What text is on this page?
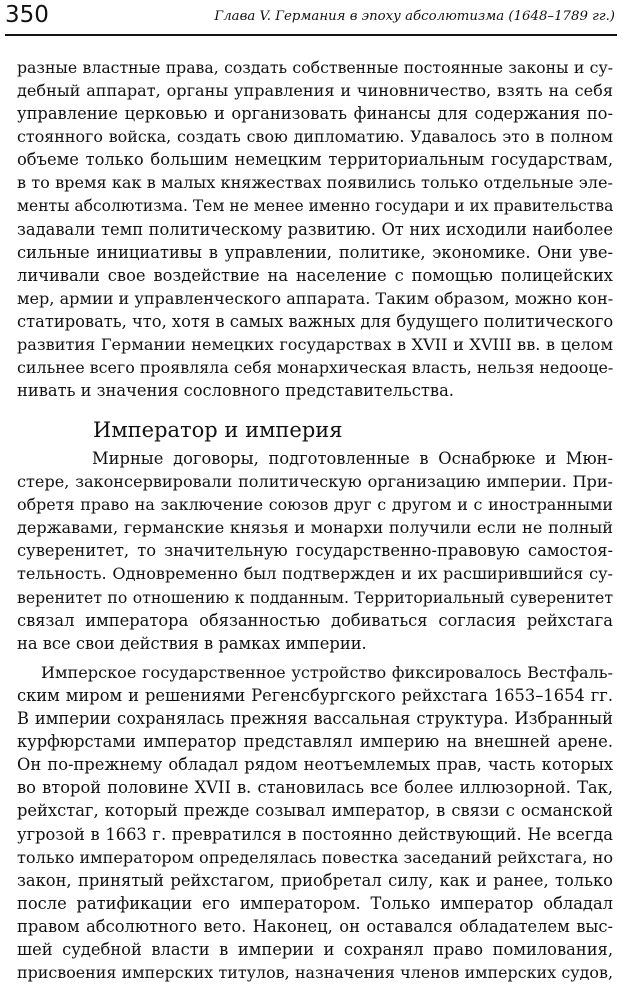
350	Глава V. Германия в эпоху абсолютизма (1648–1789 гг.)
разные властные права, создать собственные постоянные законы и су-
дебный аппарат, органы управления и чиновничество, взять на себя
управление церковью и организовать финансы для содержания по-
стоянного войска, создать свою дипломатию. Удавалось это в полном
объеме только большим немецким территориальным государствам,
в то время как в малых княжествах появились только отдельные эле-
менты абсолютизма. Тем не менее именно государи и их правительства
задавали темп политическому развитию. От них исходили наиболее
сильные инициативы в управлении, политике, экономике. Они уве-
личивали свое воздействие на население с помощью полицейских
мер, армии и управленческого аппарата. Таким образом, можно кон-
статировать, что, хотя в самых важных для будущего политического
развития Германии немецких государствах в XVII и XVIII вв. в целом
сильнее всего проявляла себя монархическая власть, нельзя недооце-
нивать и значения сословного представительства.
Император и империя
Мирные договоры, подготовленные в Оснабрюке и Мюн-
стере, законсервировали политическую организацию империи. При-
обретя право на заключение союзов друг с другом и с иностранными
державами, германские князья и монархи получили если не полный
суверенитет, то значительную государственно-правовую самостоя-
тельность. Одновременно был подтвержден и их расширившийся су-
веренитет по отношению к подданным. Территориальный суверенитет
связал императора обязанностью добиваться согласия рейхстага
на все свои действия в рамках империи.
Имперское государственное устройство фиксировалось Вестфаль-
ским миром и решениями Регенсбургского рейхстага 1653–1654 гг.
В империи сохранялась прежняя вассальная структура. Избранный
курфюрстами император представлял империю на внешней арене.
Он по-прежнему обладал рядом неотъемлемых прав, часть которых
во второй половине XVII в. становилась все более иллюзорной. Так,
рейхстаг, который прежде созывал император, в связи с османской
угрозой в 1663 г. превратился в постоянно действующий. Не всегда
только императором определялась повестка заседаний рейхстага, но
закон, принятый рейхстагом, приобретал силу, как и ранее, только
после ратификации его императором. Только император обладал
правом абсолютного вето. Наконец, он оставался обладателем выс-
шей судебной власти в империи и сохранял право помилования,
присвоения имперских титулов, назначения членов имперских судов,
